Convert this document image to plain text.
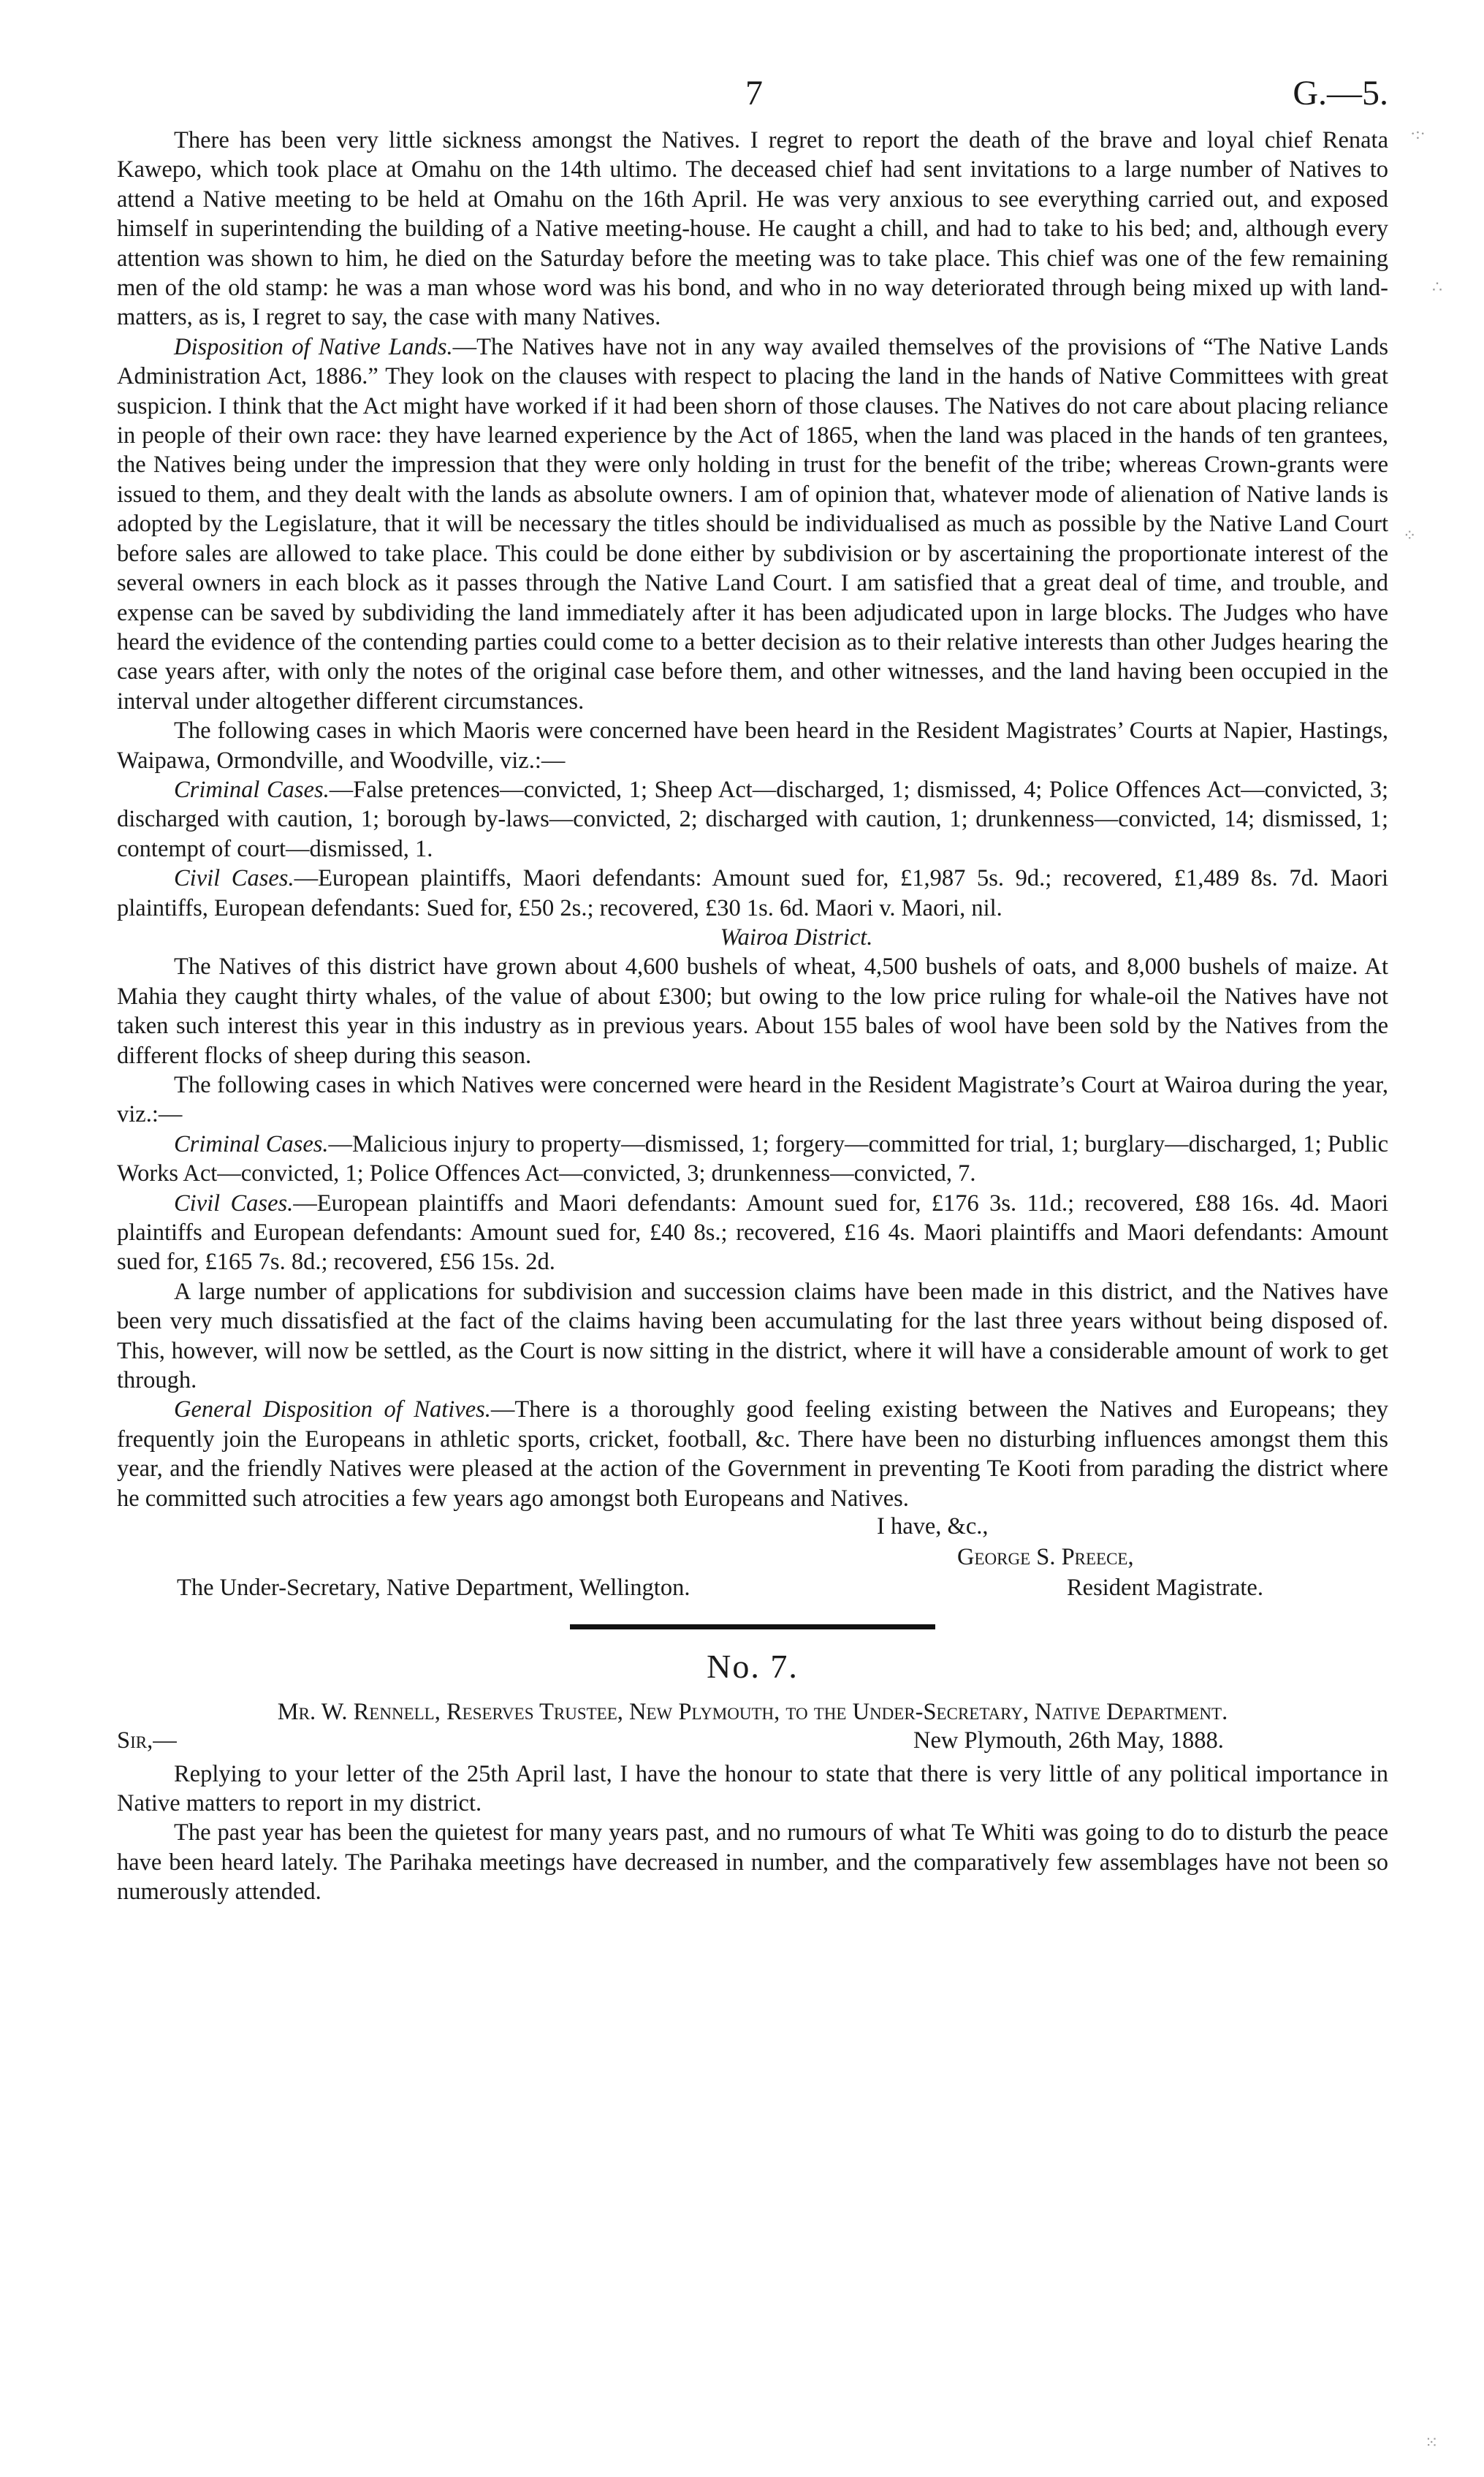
7	G.—5.

There has been very little sickness amongst the Natives. I regret to report the death of the brave and loyal chief Renata Kawepo, which took place at Omahu on the 14th ultimo. The deceased chief had sent invitations to a large number of Natives to attend a Native meeting to be held at Omahu on the 16th April. He was very anxious to see everything carried out, and exposed himself in superintending the building of a Native meeting-house. He caught a chill, and had to take to his bed; and, although every attention was shown to him, he died on the Saturday before the meeting was to take place. This chief was one of the few remaining men of the old stamp: he was a man whose word was his bond, and who in no way deteriorated through being mixed up with land-matters, as is, I regret to say, the case with many Natives.

Disposition of Native Lands.—The Natives have not in any way availed themselves of the provisions of “The Native Lands Administration Act, 1886.” They look on the clauses with respect to placing the land in the hands of Native Committees with great suspicion. I think that the Act might have worked if it had been shorn of those clauses. The Natives do not care about placing reliance in people of their own race: they have learned experience by the Act of 1865, when the land was placed in the hands of ten grantees, the Natives being under the impression that they were only holding in trust for the benefit of the tribe; whereas Crown-grants were issued to them, and they dealt with the lands as absolute owners. I am of opinion that, whatever mode of alienation of Native lands is adopted by the Legislature, that it will be necessary the titles should be individualised as much as possible by the Native Land Court before sales are allowed to take place. This could be done either by subdivision or by ascertaining the proportionate interest of the several owners in each block as it passes through the Native Land Court. I am satisfied that a great deal of time, and trouble, and expense can be saved by subdividing the land immediately after it has been adjudicated upon in large blocks. The Judges who have heard the evidence of the contending parties could come to a better decision as to their relative interests than other Judges hearing the case years after, with only the notes of the original case before them, and other witnesses, and the land having been occupied in the interval under altogether different circumstances.

The following cases in which Maoris were concerned have been heard in the Resident Magistrates’ Courts at Napier, Hastings, Waipawa, Ormondville, and Woodville, viz.:—

Criminal Cases.—False pretences—convicted, 1; Sheep Act—discharged, 1; dismissed, 4; Police Offences Act—convicted, 3; discharged with caution, 1; borough by-laws—convicted, 2; discharged with caution, 1; drunkenness—convicted, 14; dismissed, 1; contempt of court—dismissed, 1.

Civil Cases.—European plaintiffs, Maori defendants: Amount sued for, £1,987 5s. 9d.; recovered, £1,489 8s. 7d. Maori plaintiffs, European defendants: Sued for, £50 2s.; recovered, £30 1s. 6d. Maori v. Maori, nil.

Wairoa District.

The Natives of this district have grown about 4,600 bushels of wheat, 4,500 bushels of oats, and 8,000 bushels of maize. At Mahia they caught thirty whales, of the value of about £300; but owing to the low price ruling for whale-oil the Natives have not taken such interest this year in this industry as in previous years. About 155 bales of wool have been sold by the Natives from the different flocks of sheep during this season.

The following cases in which Natives were concerned were heard in the Resident Magistrate’s Court at Wairoa during the year, viz.:—

Criminal Cases.—Malicious injury to property—dismissed, 1; forgery—committed for trial, 1; burglary—discharged, 1; Public Works Act—convicted, 1; Police Offences Act—convicted, 3; drunkenness—convicted, 7.

Civil Cases.—European plaintiffs and Maori defendants: Amount sued for, £176 3s. 11d.; recovered, £88 16s. 4d. Maori plaintiffs and European defendants: Amount sued for, £40 8s.; recovered, £16 4s. Maori plaintiffs and Maori defendants: Amount sued for, £165 7s. 8d.; recovered, £56 15s. 2d.

A large number of applications for subdivision and succession claims have been made in this district, and the Natives have been very much dissatisfied at the fact of the claims having been accumulating for the last three years without being disposed of. This, however, will now be settled, as the Court is now sitting in the district, where it will have a considerable amount of work to get through.

General Disposition of Natives.—There is a thoroughly good feeling existing between the Natives and Europeans; they frequently join the Europeans in athletic sports, cricket, football, &c. There have been no disturbing influences amongst them this year, and the friendly Natives were pleased at the action of the Government in preventing Te Kooti from parading the district where he committed such atrocities a few years ago amongst both Europeans and Natives.

I have, &c.,
George S. Preece,
The Under-Secretary, Native Department, Wellington.	Resident Magistrate.
No. 7.
Mr. W. Rennell, Reserves Trustee, New Plymouth, to the Under-Secretary, Native Department.
Sir,—	New Plymouth, 26th May, 1888.

Replying to your letter of the 25th April last, I have the honour to state that there is very little of any political importance in Native matters to report in my district.

The past year has been the quietest for many years past, and no rumours of what Te Whiti was going to do to disturb the peace have been heard lately. The Parihaka meetings have decreased in number, and the comparatively few assemblages have not been so numerously attended.

·:·
∴
⁘
⁙
